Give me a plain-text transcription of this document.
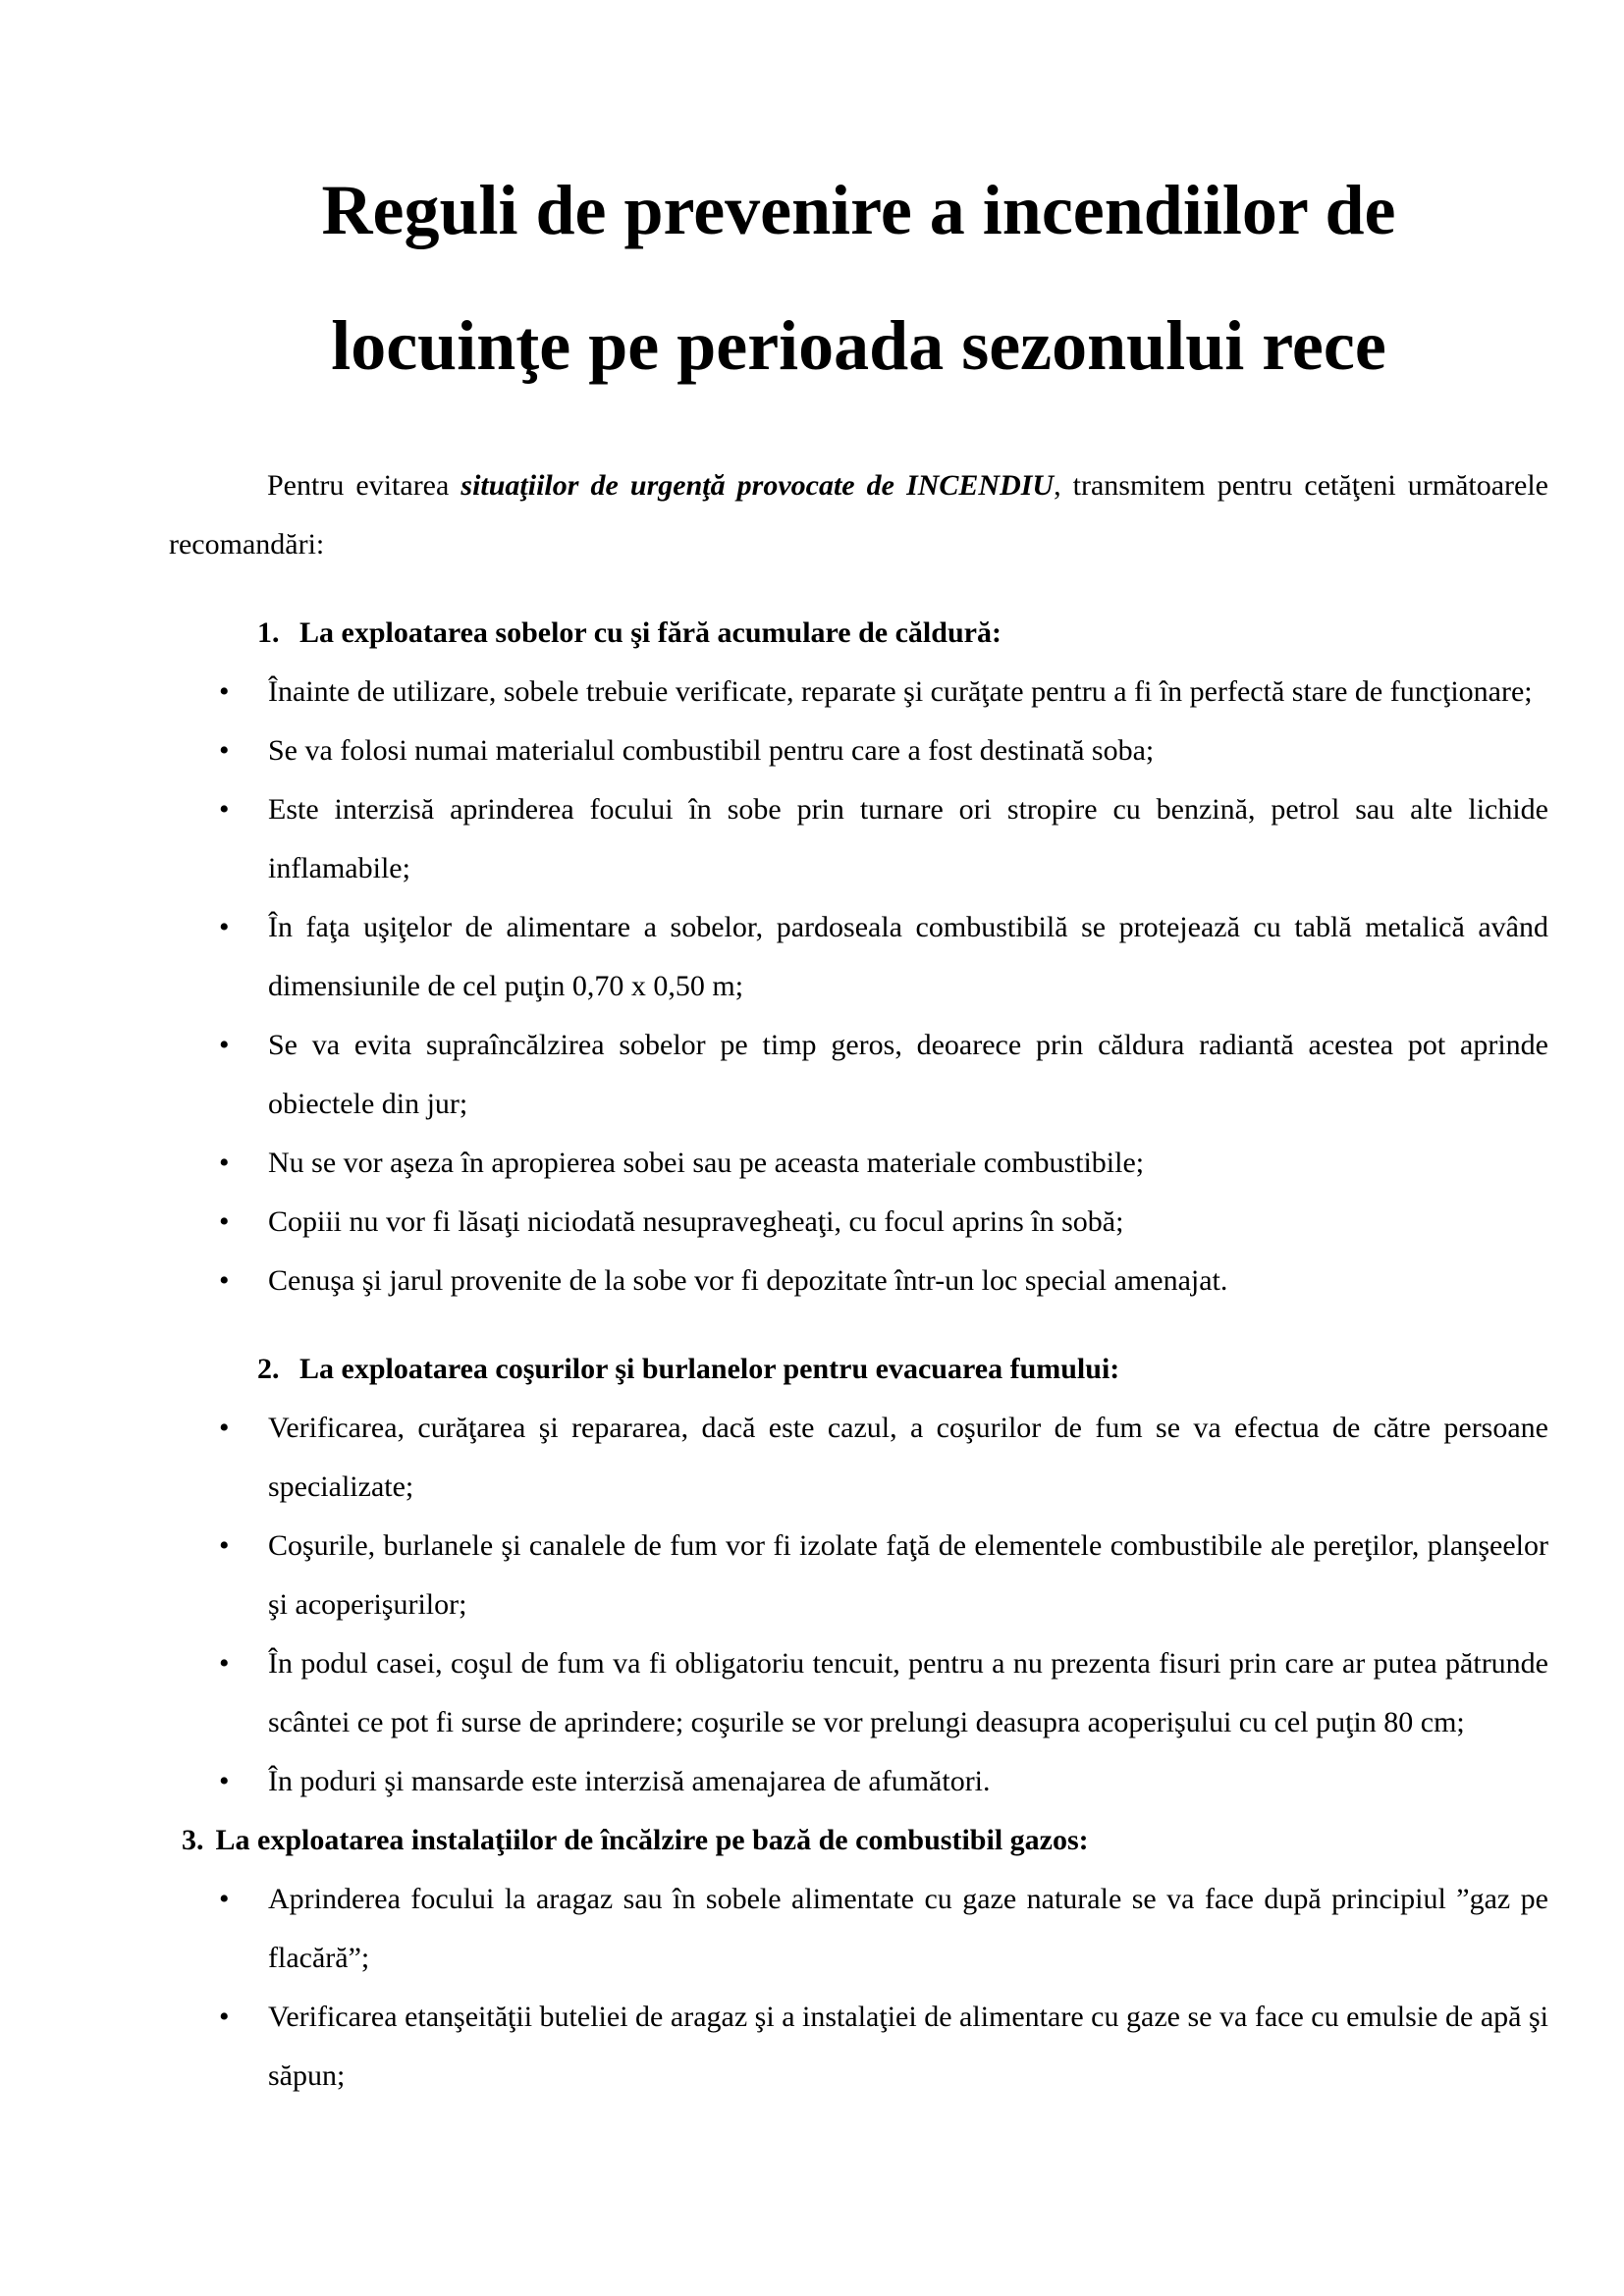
Reguli de prevenire a incendiilor de
locuinţe pe perioada sezonului rece

Pentru evitarea situaţiilor de urgenţă provocate de INCENDIU, transmitem pentru cetăţeni următoarele recomandări:

1. La exploatarea sobelor cu şi fără acumulare de căldură:
•	Înainte de utilizare, sobele trebuie verificate, reparate şi curăţate pentru a fi în perfectă stare de funcţionare;
•	Se va folosi numai materialul combustibil pentru care a fost destinată soba;
•	Este interzisă aprinderea focului în sobe prin turnare ori stropire cu benzină, petrol sau alte lichide inflamabile;
•	În faţa uşiţelor de alimentare a sobelor, pardoseala combustibilă se protejează cu tablă metalică având dimensiunile de cel puţin 0,70 x 0,50 m;
•	Se va evita supraîncălzirea sobelor pe timp geros, deoarece prin căldura radiantă acestea pot aprinde obiectele din jur;
•	Nu se vor aşeza în apropierea sobei sau pe aceasta materiale combustibile;
•	Copiii nu vor fi lăsaţi niciodată nesupravegheaţi, cu focul aprins în sobă;
•	Cenuşa şi jarul provenite de la sobe vor fi depozitate într-un loc special amenajat.
2. La exploatarea coşurilor şi burlanelor pentru evacuarea fumului:
•	Verificarea, curăţarea şi repararea, dacă este cazul, a coşurilor de fum se va efectua de către persoane specializate;
•	Coşurile, burlanele şi canalele de fum vor fi izolate faţă de elementele combustibile ale pereţilor, planşeelor şi acoperişurilor;
•	În podul casei, coşul de fum va fi obligatoriu tencuit, pentru a nu prezenta fisuri prin care ar putea pătrunde scântei ce pot fi surse de aprindere; coşurile se vor prelungi deasupra acoperişului cu cel puţin 80 cm;
•	În poduri şi mansarde este interzisă amenajarea de afumători.
3. La exploatarea instalaţiilor de încălzire pe bază de combustibil gazos:
•	Aprinderea focului la aragaz sau în sobele alimentate cu gaze naturale se va face după principiul ”gaz pe flacără”;
•	Verificarea etanşeităţii buteliei de aragaz şi a instalaţiei de alimentare cu gaze se va face cu emulsie de apă şi săpun;
